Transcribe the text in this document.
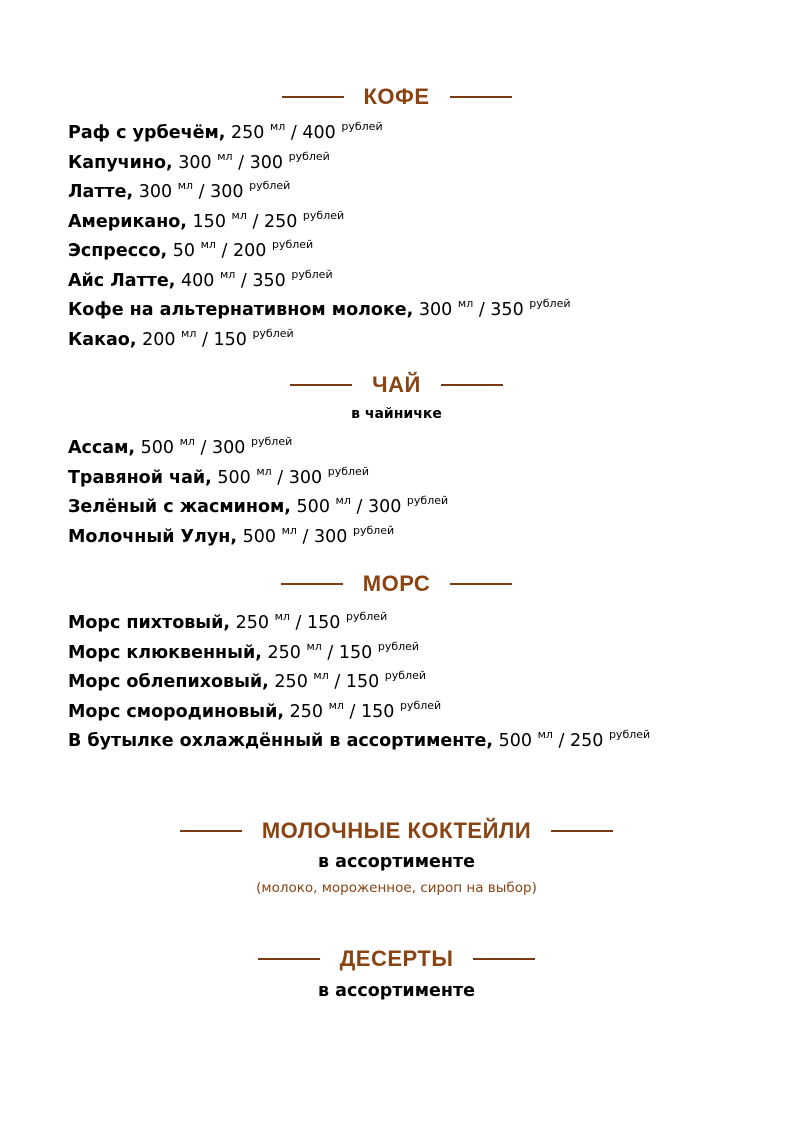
КОФЕ
Раф с урбечём, 250 $^{мл}$ / 400 $^{рублей}$
Капучино, 300 $^{мл}$ / 300 $^{рублей}$
Латте, 300 $^{мл}$ / 300 $^{рублей}$
Американо, 150 $^{мл}$ / 250 $^{рублей}$
Эспрессо, 50 $^{мл}$ / 200 $^{рублей}$
Айс Латте, 400 $^{мл}$ / 350 $^{рублей}$
Кофе на альтернативном молоке, 300 $^{мл}$ / 350 $^{рублей}$
Какао, 200 $^{мл}$ / 150 $^{рублей}$
ЧАЙ
в чайничке
Ассам, 500 $^{мл}$ / 300 $^{рублей}$
Травяной чай, 500 $^{мл}$ / 300 $^{рублей}$
Зелёный с жасмином, 500 $^{мл}$ / 300 $^{рублей}$
Молочный Улун, 500 $^{мл}$ / 300 $^{рублей}$
МОРС
Морс пихтовый, 250 $^{мл}$ / 150 $^{рублей}$
Морс клюквенный, 250 $^{мл}$ / 150 $^{рублей}$
Морс облепиховый, 250 $^{мл}$ / 150 $^{рублей}$
Морс смородиновый, 250 $^{мл}$ / 150 $^{рублей}$
В бутылке охлаждённый в ассортименте, 500 $^{мл}$ / 250 $^{рублей}$
МОЛОЧНЫЕ КОКТЕЙЛИ
в ассортименте
(молоко, мороженное, сироп на выбор)
ДЕСЕРТЫ
в ассортименте
